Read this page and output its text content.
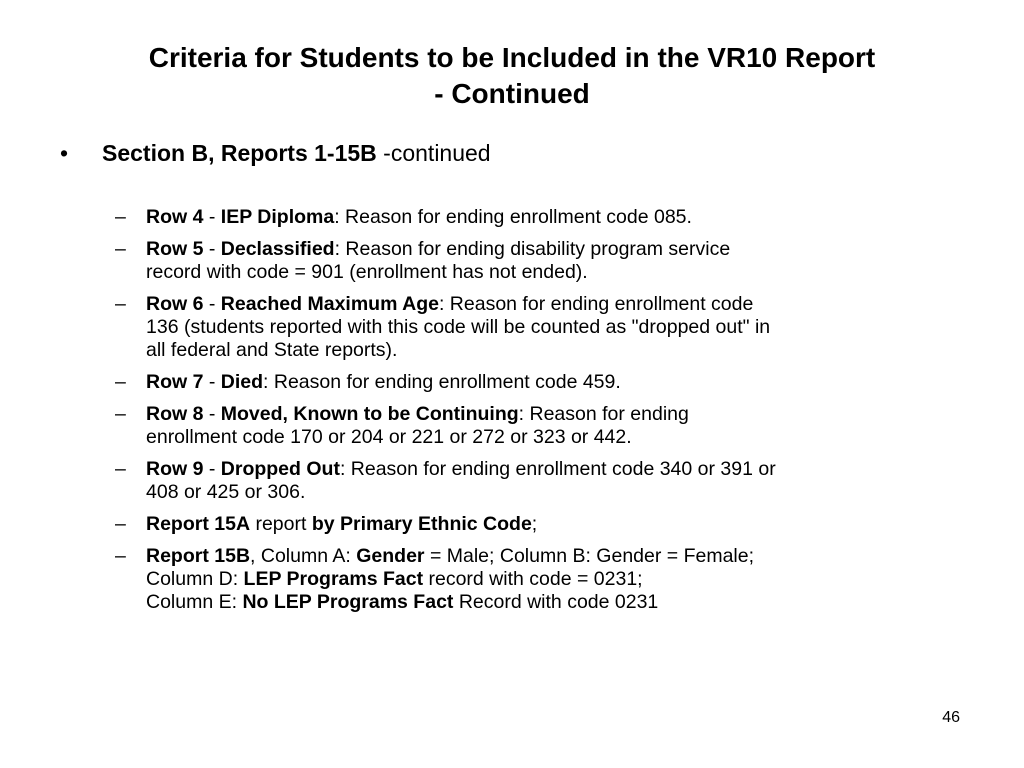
Criteria for Students to be Included in the VR10 Report
- Continued
• Section B, Reports 1-15B -continued
– Row 4 - IEP Diploma: Reason for ending enrollment code 085.
– Row 5 - Declassified: Reason for ending disability program service
record with code = 901 (enrollment has not ended).
– Row 6 - Reached Maximum Age: Reason for ending enrollment code
136 (students reported with this code will be counted as "dropped out" in
all federal and State reports).
– Row 7 - Died: Reason for ending enrollment code 459.
– Row 8 - Moved, Known to be Continuing: Reason for ending
enrollment code 170 or 204 or 221 or 272 or 323 or 442.
– Row 9 - Dropped Out: Reason for ending enrollment code 340 or 391 or
408 or 425 or 306.
– Report 15A report by Primary Ethnic Code;
– Report 15B, Column A: Gender = Male; Column B: Gender = Female;
Column D: LEP Programs Fact record with code = 0231;
Column E: No LEP Programs Fact Record with code 0231
46
